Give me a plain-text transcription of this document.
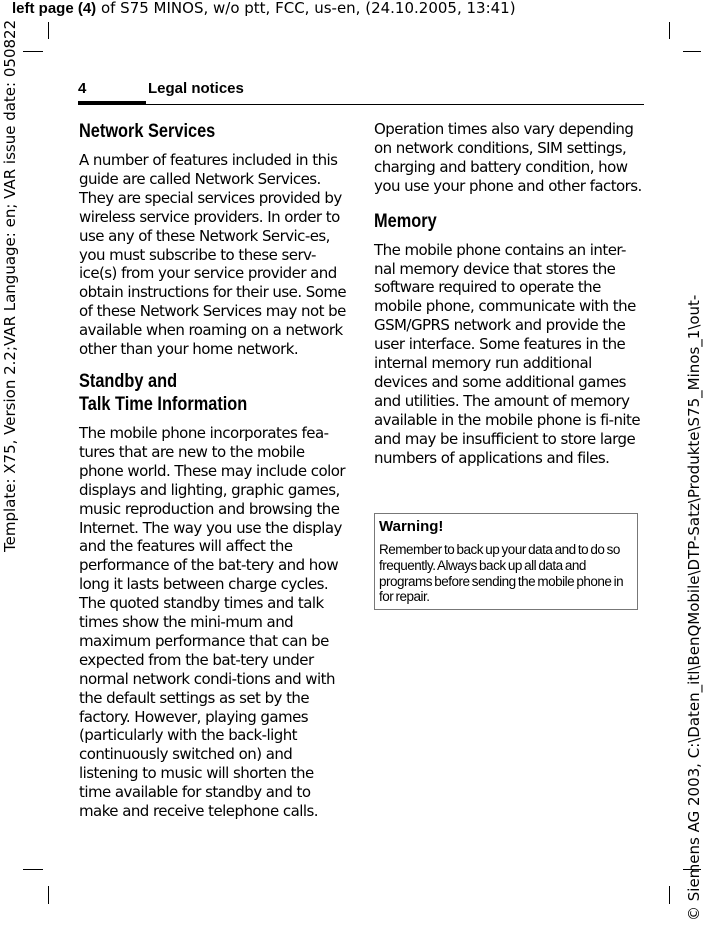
left page (4) of S75 MINOS, w/o ptt, FCC, us-en, (24.10.2005, 13:41)
Template: X75, Version 2.2;VAR Language: en; VAR issue date: 050822
© Siemens AG 2003, C:\Daten_itl\BenQMobile\DTP-Satz\Produkte\S75_Minos_1\out-
4	Legal notices
Network Services

A number of features included in this guide are called Network Services. They are special services provided by wireless service providers. In order to use any of these Network Servic-es, you must subscribe to these serv-ice(s) from your service provider and obtain instructions for their use. Some of these Network Services may not be available when roaming on a network other than your home network.

Standby and
Talk Time Information

The mobile phone incorporates fea-tures that are new to the mobile phone world. These may include color displays and lighting, graphic games, music reproduction and browsing the Internet. The way you use the display and the features will affect the performance of the bat-tery and how long it lasts between charge cycles. The quoted standby times and talk times show the mini-mum and maximum performance that can be expected from the bat-tery under normal network condi-tions and with the default settings as set by the factory. However, playing games (particularly with the back-light continuously switched on) and listening to music will shorten the time available for standby and to make and receive telephone calls.

Operation times also vary depending on network conditions, SIM settings, charging and battery condition, how you use your phone and other factors.

Memory

The mobile phone contains an inter-nal memory device that stores the software required to operate the mobile phone, communicate with the GSM/GPRS network and provide the user interface. Some features in the internal memory run additional devices and some additional games and utilities. The amount of memory available in the mobile phone is fi-nite and may be insufficient to store large numbers of applications and files.

Warning!
Remember to back up your data and to do so frequently. Always back up all data and programs before sending the mobile phone in for repair.
